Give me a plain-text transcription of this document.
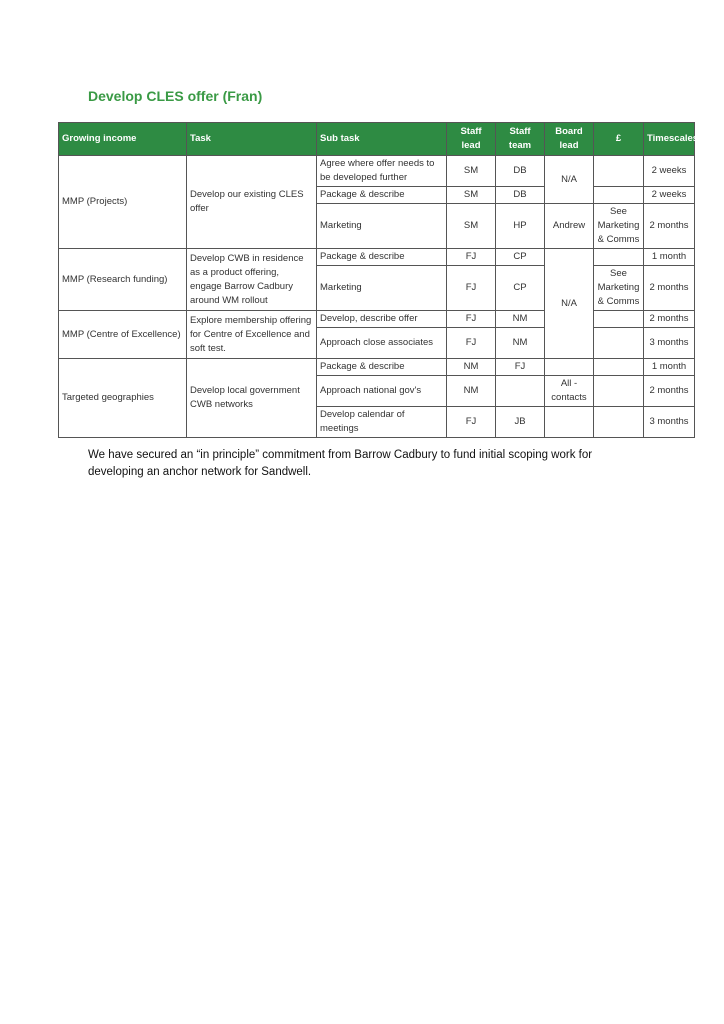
Develop CLES offer (Fran)
Growing income	Task	Sub task	Staff lead	Staff team	Board lead	£	Timescales
MMP (Projects)	Develop our existing CLES offer	Agree where offer needs to be developed further	SM	DB	N/A		2 weeks
		Package & describe	SM	DB			2 weeks
		Marketing	SM	HP	Andrew	See Marketing & Comms	2 months
MMP (Research funding)	Develop CWB in residence as a product offering, engage Barrow Cadbury around WM rollout	Package & describe	FJ	CP	N/A		1 month
		Marketing	FJ	CP		See Marketing & Comms	2 months
MMP (Centre of Excellence)	Explore membership offering for Centre of Excellence and soft test.	Develop, describe offer	FJ	NM			2 months
		Approach close associates	FJ	NM			3 months
Targeted geographies	Develop local government CWB networks	Package & describe	NM	FJ			1 month
		Approach national gov's	NM		All - contacts		2 months
		Develop calendar of meetings	FJ	JB			3 months
We have secured an “in principle” commitment from Barrow Cadbury to fund initial scoping work for developing an anchor network for Sandwell.
